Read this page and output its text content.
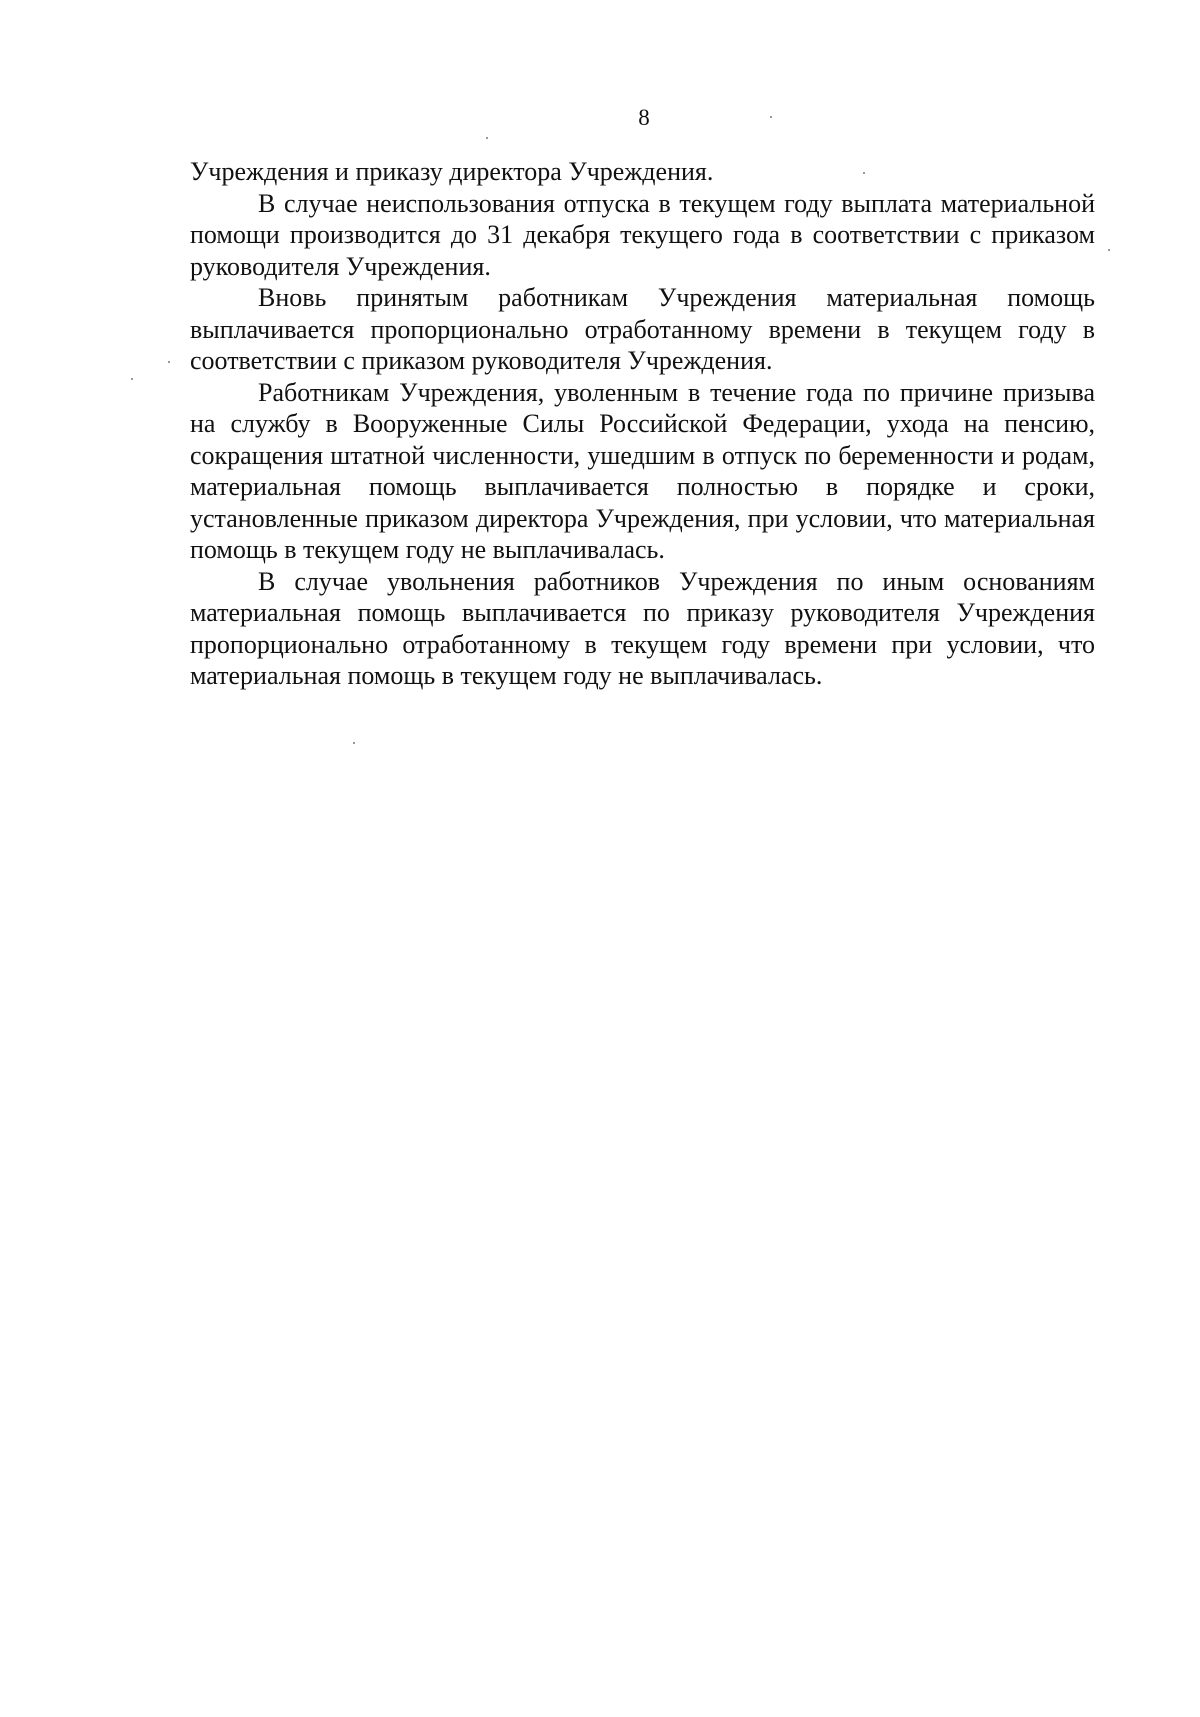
8

Учреждения и приказу директора Учреждения.

В случае неиспользования отпуска в текущем году выплата материальной помощи производится до 31 декабря текущего года в соответствии с приказом руководителя Учреждения.

Вновь принятым работникам Учреждения материальная помощь выплачивается пропорционально отработанному времени в текущем году в соответствии с приказом руководителя Учреждения.

Работникам Учреждения, уволенным в течение года по причине призыва на службу в Вооруженные Силы Российской Федерации, ухода на пенсию, сокращения штатной численности, ушедшим в отпуск по беременности и родам, материальная помощь выплачивается полностью в порядке и сроки, установленные приказом директора Учреждения, при условии, что материальная помощь в текущем году не выплачивалась.

В случае увольнения работников Учреждения по иным основаниям материальная помощь выплачивается по приказу руководителя Учреждения пропорционально отработанному в текущем году времени при условии, что материальная помощь в текущем году не выплачивалась.
